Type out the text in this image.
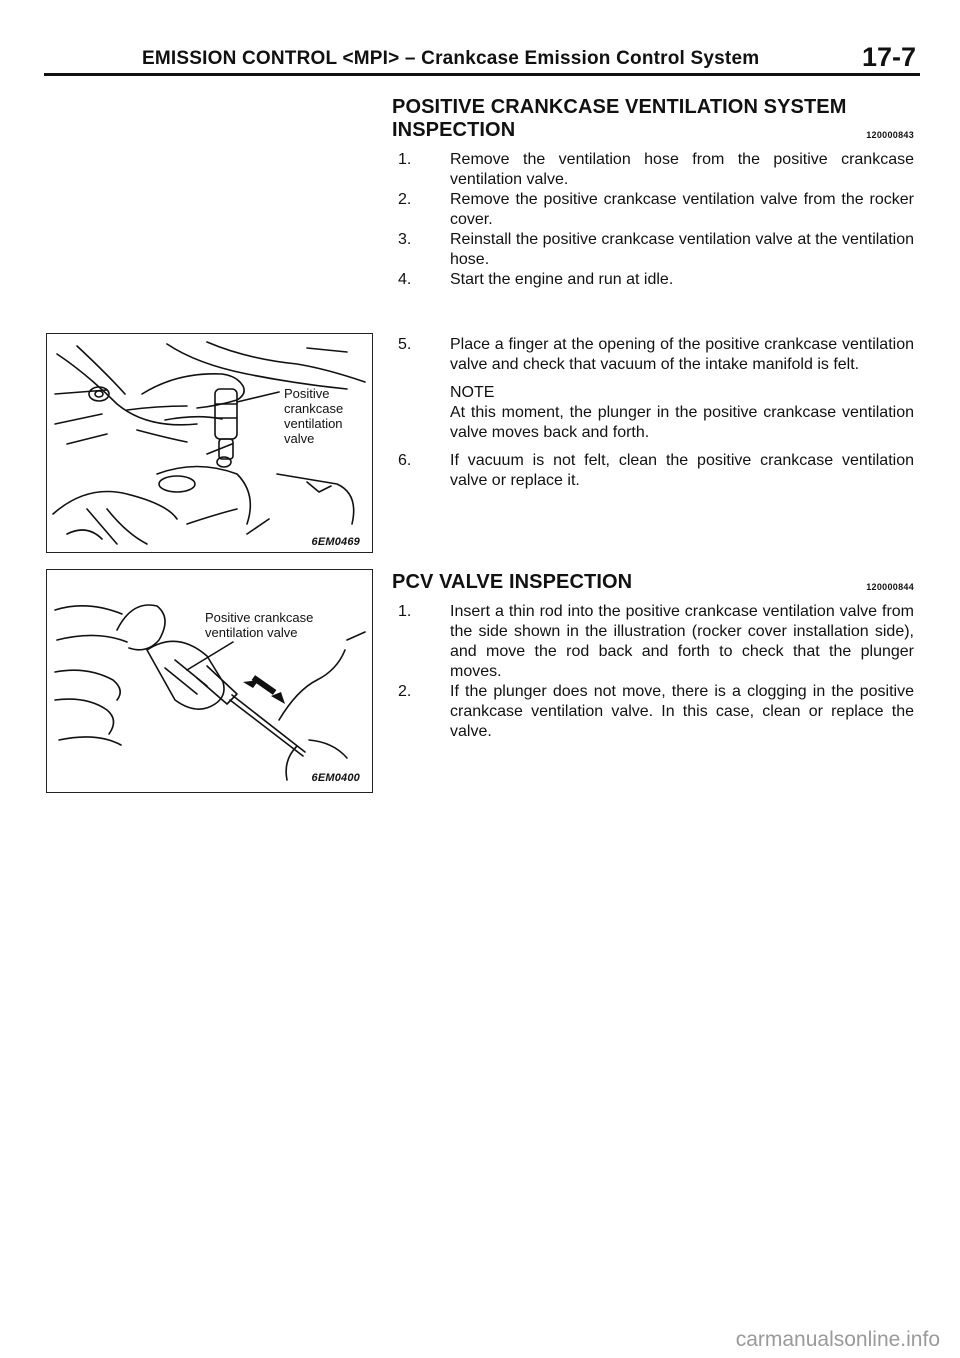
EMISSION CONTROL <MPI> – Crankcase Emission Control System	17-7
POSITIVE CRANKCASE VENTILATION SYSTEM
INSPECTION	120000843
1. Remove the ventilation hose from the positive crankcase ventilation valve.
2. Remove the positive crankcase ventilation valve from the rocker cover.
3. Reinstall the positive crankcase ventilation valve at the ventilation hose.
4. Start the engine and run at idle.
5. Place a finger at the opening of the positive crankcase ventilation valve and check that vacuum of the intake manifold is felt.
NOTE
At this moment, the plunger in the positive crankcase ventilation valve moves back and forth.
6. If vacuum is not felt, clean the positive crankcase ventilation valve or replace it.
PCV VALVE INSPECTION	120000844
1. Insert a thin rod into the positive crankcase ventilation valve from the side shown in the illustration (rocker cover installation side), and move the rod back and forth to check that the plunger moves.
2. If the plunger does not move, there is a clogging in the positive crankcase ventilation valve. In this case, clean or replace the valve.
Positive
crankcase
ventilation
valve
6EM0469
Positive crankcase
ventilation valve
6EM0400
carmanualsonline.info
